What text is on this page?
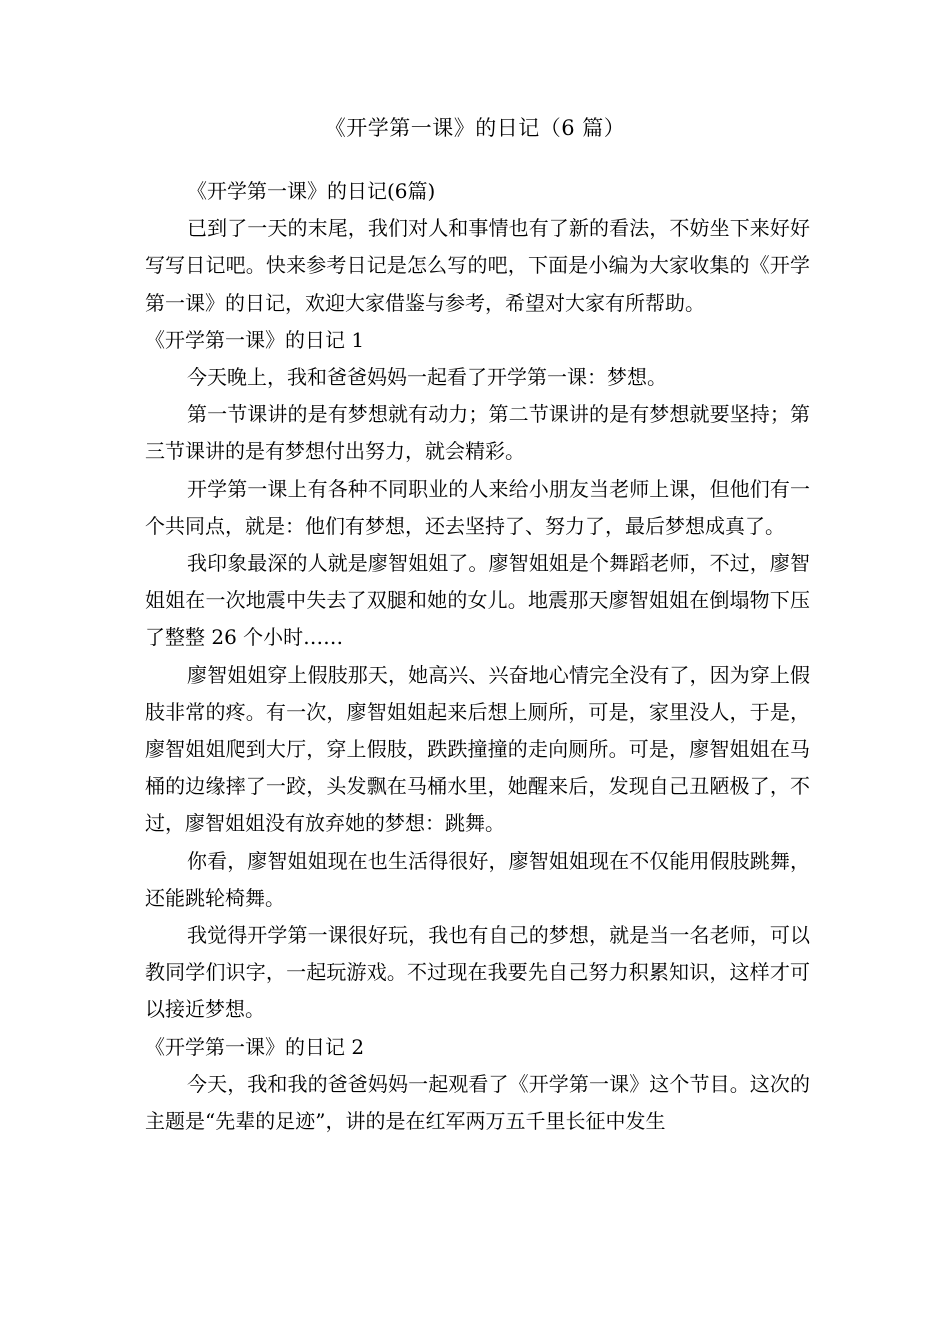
《开学第一课》的日记（6 篇）

《开学第一课》的日记(6篇)

已到了一天的末尾，我们对人和事情也有了新的看法，不妨坐下来好好写写日记吧。快来参考日记是怎么写的吧，下面是小编为大家收集的《开学第一课》的日记，欢迎大家借鉴与参考，希望对大家有所帮助。

《开学第一课》的日记 1

今天晚上，我和爸爸妈妈一起看了开学第一课：梦想。

第一节课讲的是有梦想就有动力；第二节课讲的是有梦想就要坚持；第三节课讲的是有梦想付出努力，就会精彩。

开学第一课上有各种不同职业的人来给小朋友当老师上课，但他们有一个共同点，就是：他们有梦想，还去坚持了、努力了，最后梦想成真了。

我印象最深的人就是廖智姐姐了。廖智姐姐是个舞蹈老师，不过，廖智姐姐在一次地震中失去了双腿和她的女儿。地震那天廖智姐姐在倒塌物下压了整整 26 个小时……

廖智姐姐穿上假肢那天，她高兴、兴奋地心情完全没有了，因为穿上假肢非常的疼。有一次，廖智姐姐起来后想上厕所，可是，家里没人，于是，廖智姐姐爬到大厅，穿上假肢，跌跌撞撞的走向厕所。可是，廖智姐姐在马桶的边缘摔了一跤，头发飘在马桶水里，她醒来后，发现自己丑陋极了，不过，廖智姐姐没有放弃她的梦想：跳舞。

你看，廖智姐姐现在也生活得很好，廖智姐姐现在不仅能用假肢跳舞，还能跳轮椅舞。

我觉得开学第一课很好玩，我也有自己的梦想，就是当一名老师，可以教同学们识字，一起玩游戏。不过现在我要先自己努力积累知识，这样才可以接近梦想。

《开学第一课》的日记 2

今天，我和我的爸爸妈妈一起观看了《开学第一课》这个节目。这次的主题是“先辈的足迹”，讲的是在红军两万五千里长征中发生
